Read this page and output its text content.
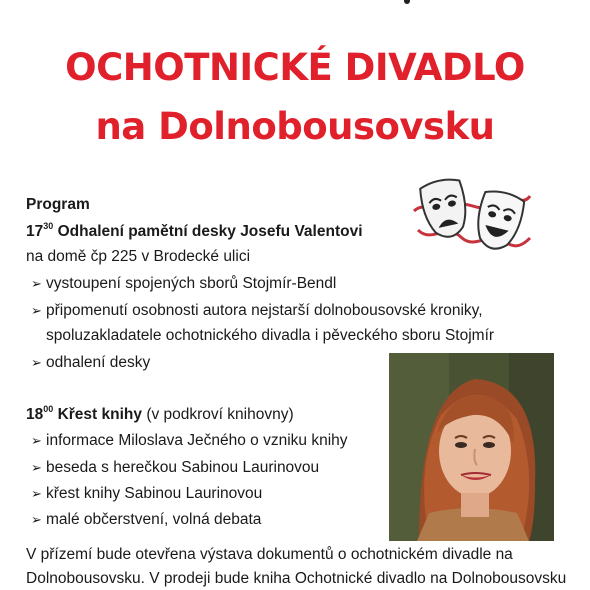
OCHOTNICKÉ DIVADLO
na Dolnobousovsku
Program
$17^{30}$ Odhalení pamětní desky Josefu Valentovi
na domě čp 225 v Brodecké ulici
➢ vystoupení spojených sborů Stojmír-Bendl
➢ připomenutí osobnosti autora nejstarší dolnobousovské kroniky,
spoluzakladatele ochotnického divadla i pěveckého sboru Stojmír
➢ odhalení desky
$18^{00}$ Křest knihy (v podkroví knihovny)
➢ informace Miloslava Ječného o vzniku knihy
➢ beseda s herečkou Sabinou Laurinovou
➢ křest knihy Sabinou Laurinovou
➢ malé občerstvení, volná debata
V přízemí bude otevřena výstava dokumentů o ochotnickém divadle na
Dolnobousovsku. V prodeji bude kniha Ochotnické divadlo na Dolnobousovsku
